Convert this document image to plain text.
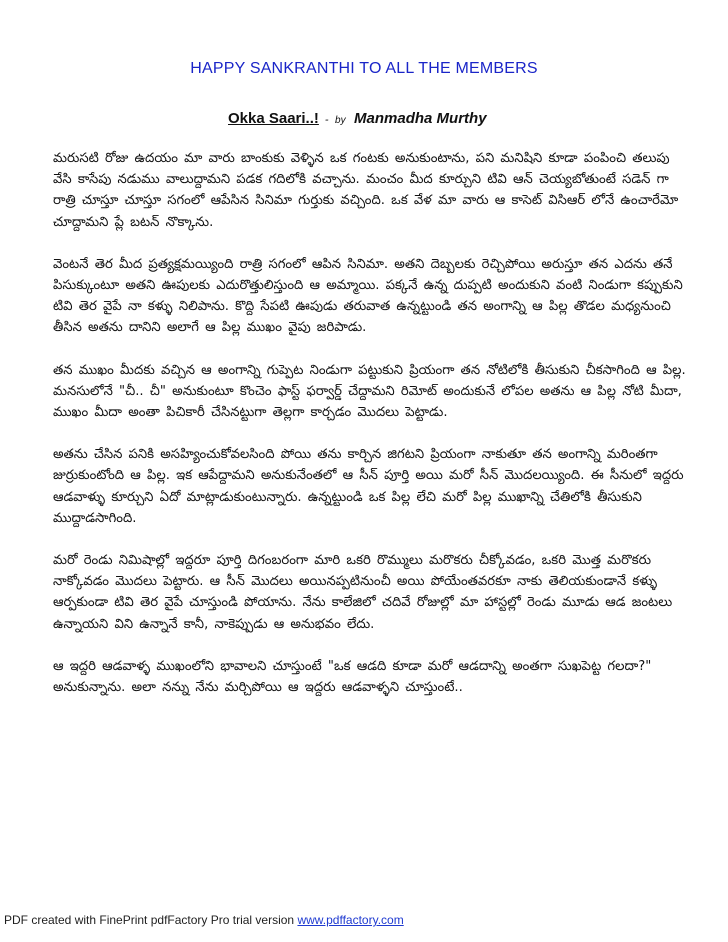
HAPPY SANKRANTHI TO ALL THE MEMBERS
Okka Saari..! - by Manmadha Murthy

మరుసటి రోజు ఉదయం మా వారు బాంకుకు వెళ్ళిన ఒక గంటకు అనుకుంటాను, పని మనిషిని కూడా పంపించి తలుపు వేసి కాసేపు నడుము వాలుద్దామని పడక గదిలోకి వచ్చాను. మంచం మీద కూర్చుని టివి ఆన్ చెయ్యబోతుంటే సడెన్ గా రాత్రి చూస్తూ చూస్తూ సగంలో ఆపేసిన సినిమా గుర్తుకు వచ్చింది. ఒక వేళ మా వారు ఆ కాసెట్ విసిఆర్ లోనే ఉంచారేమో చూద్దామని ప్లే బటన్ నొక్కాను.

వెంటనే తెర మీద ప్రత్యక్షమయ్యింది రాత్రి సగంలో ఆపిన సినిమా. అతని దెబ్బలకు రెచ్చిపోయి అరుస్తూ తన ఎదను తనే పిసుక్కుంటూ అతని ఊపులకు ఎదురొత్తులిస్తుంది ఆ అమ్మాయి. పక్కనే ఉన్న దుప్పటి అందుకుని వంటి నిండుగా కప్పుకుని టివి తెర వైపే నా కళ్ళు నిలిపాను. కొద్ది సేపటి ఊపుడు తరువాత ఉన్నట్టుండి తన అంగాన్ని ఆ పిల్ల తొడల మధ్యనుంచి తీసిన అతను దానిని అలాగే ఆ పిల్ల ముఖం వైపు జరిపాడు.

తన ముఖం మీదకు వచ్చిన ఆ అంగాన్ని గుప్పెట నిండుగా పట్టుకుని ప్రియంగా తన నోటిలోకి తీసుకుని చీకసాగింది ఆ పిల్ల. మనసులోనే "చీ.. చీ" అనుకుంటూ కొంచెం ఫాస్ట్ ఫర్వార్డ్ చేద్దామని రిమోట్ అందుకునే లోపల అతను ఆ పిల్ల నోటి మీదా, ముఖం మీదా అంతా పిచికారీ చేసినట్టుగా తెల్లగా కార్చడం మొదలు పెట్టాడు.

అతను చేసిన పనికి అసహ్యించుకోవలసింది పోయి తను కార్చిన జిగటని ప్రియంగా నాకుతూ తన అంగాన్ని మరింతగా జుర్రుకుంటోంది ఆ పిల్ల. ఇక ఆపేద్దామని అనుకునేంతలో ఆ సీన్ పూర్తి అయి మరో సీన్ మొదలయ్యింది. ఈ సీనులో ఇద్దరు ఆడవాళ్ళు కూర్చుని ఏదో మాట్లాడుకుంటున్నారు. ఉన్నట్టుండి ఒక పిల్ల లేచి మరో పిల్ల ముఖాన్ని చేతిలోకి తీసుకుని ముద్దాడసాగింది.

మరో రెండు నిమిషాల్లో ఇద్దరూ పూర్తి దిగంబరంగా మారి ఒకరి రొమ్ములు మరొకరు చీక్కోవడం, ఒకరి మొత్త మరొకరు నాక్కోవడం మొదలు పెట్టారు. ఆ సీన్ మొదలు అయినప్పటినుంచీ అయి పోయేంతవరకూ నాకు తెలియకుండానే కళ్ళు ఆర్పకుండా టివి తెర వైపే చూస్తుండి పోయాను. నేను కాలేజిలో చదివే రోజుల్లో మా హాస్టల్లో రెండు మూడు ఆడ జంటలు ఉన్నాయని విని ఉన్నానే కానీ, నాకెప్పుడు ఆ అనుభవం లేదు.

ఆ ఇద్దరి ఆడవాళ్ళ ముఖంలోని భావాలని చూస్తుంటే "ఒక ఆడది కూడా మరో ఆడదాన్ని అంతగా సుఖపెట్ట గలదా?" అనుకున్నాను. అలా నన్ను నేను మర్చిపోయి ఆ ఇద్దరు ఆడవాళ్ళని చూస్తుంటే..

PDF created with FinePrint pdfFactory Pro trial version www.pdffactory.com
